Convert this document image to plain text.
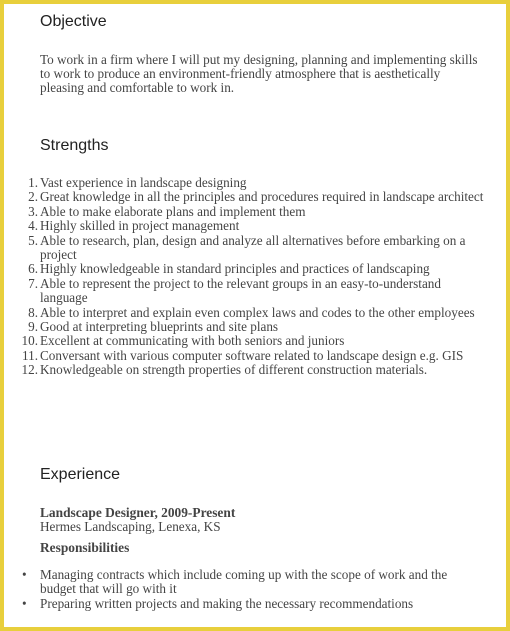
Objective

To work in a firm where I will put my designing, planning and implementing skills to work to produce an environment-friendly atmosphere that is aesthetically pleasing and comfortable to work in.

Strengths
1. Vast experience in landscape designing
2. Great knowledge in all the principles and procedures required in landscape architect
3. Able to make elaborate plans and implement them
4. Highly skilled in project management
5. Able to research, plan, design and analyze all alternatives before embarking on a project
6. Highly knowledgeable in standard principles and practices of landscaping
7. Able to represent the project to the relevant groups in an easy-to-understand language
8. Able to interpret and explain even complex laws and codes to the other employees
9. Good at interpreting blueprints and site plans
10. Excellent at communicating with both seniors and juniors
11. Conversant with various computer software related to landscape design e.g. GIS
12. Knowledgeable on strength properties of different construction materials.
Experience

Landscape Designer, 2009-Present

Hermes Landscaping, Lenexa, KS

Responsibilities

• Managing contracts which include coming up with the scope of work and the budget that will go with it
• Preparing written projects and making the necessary recommendations
